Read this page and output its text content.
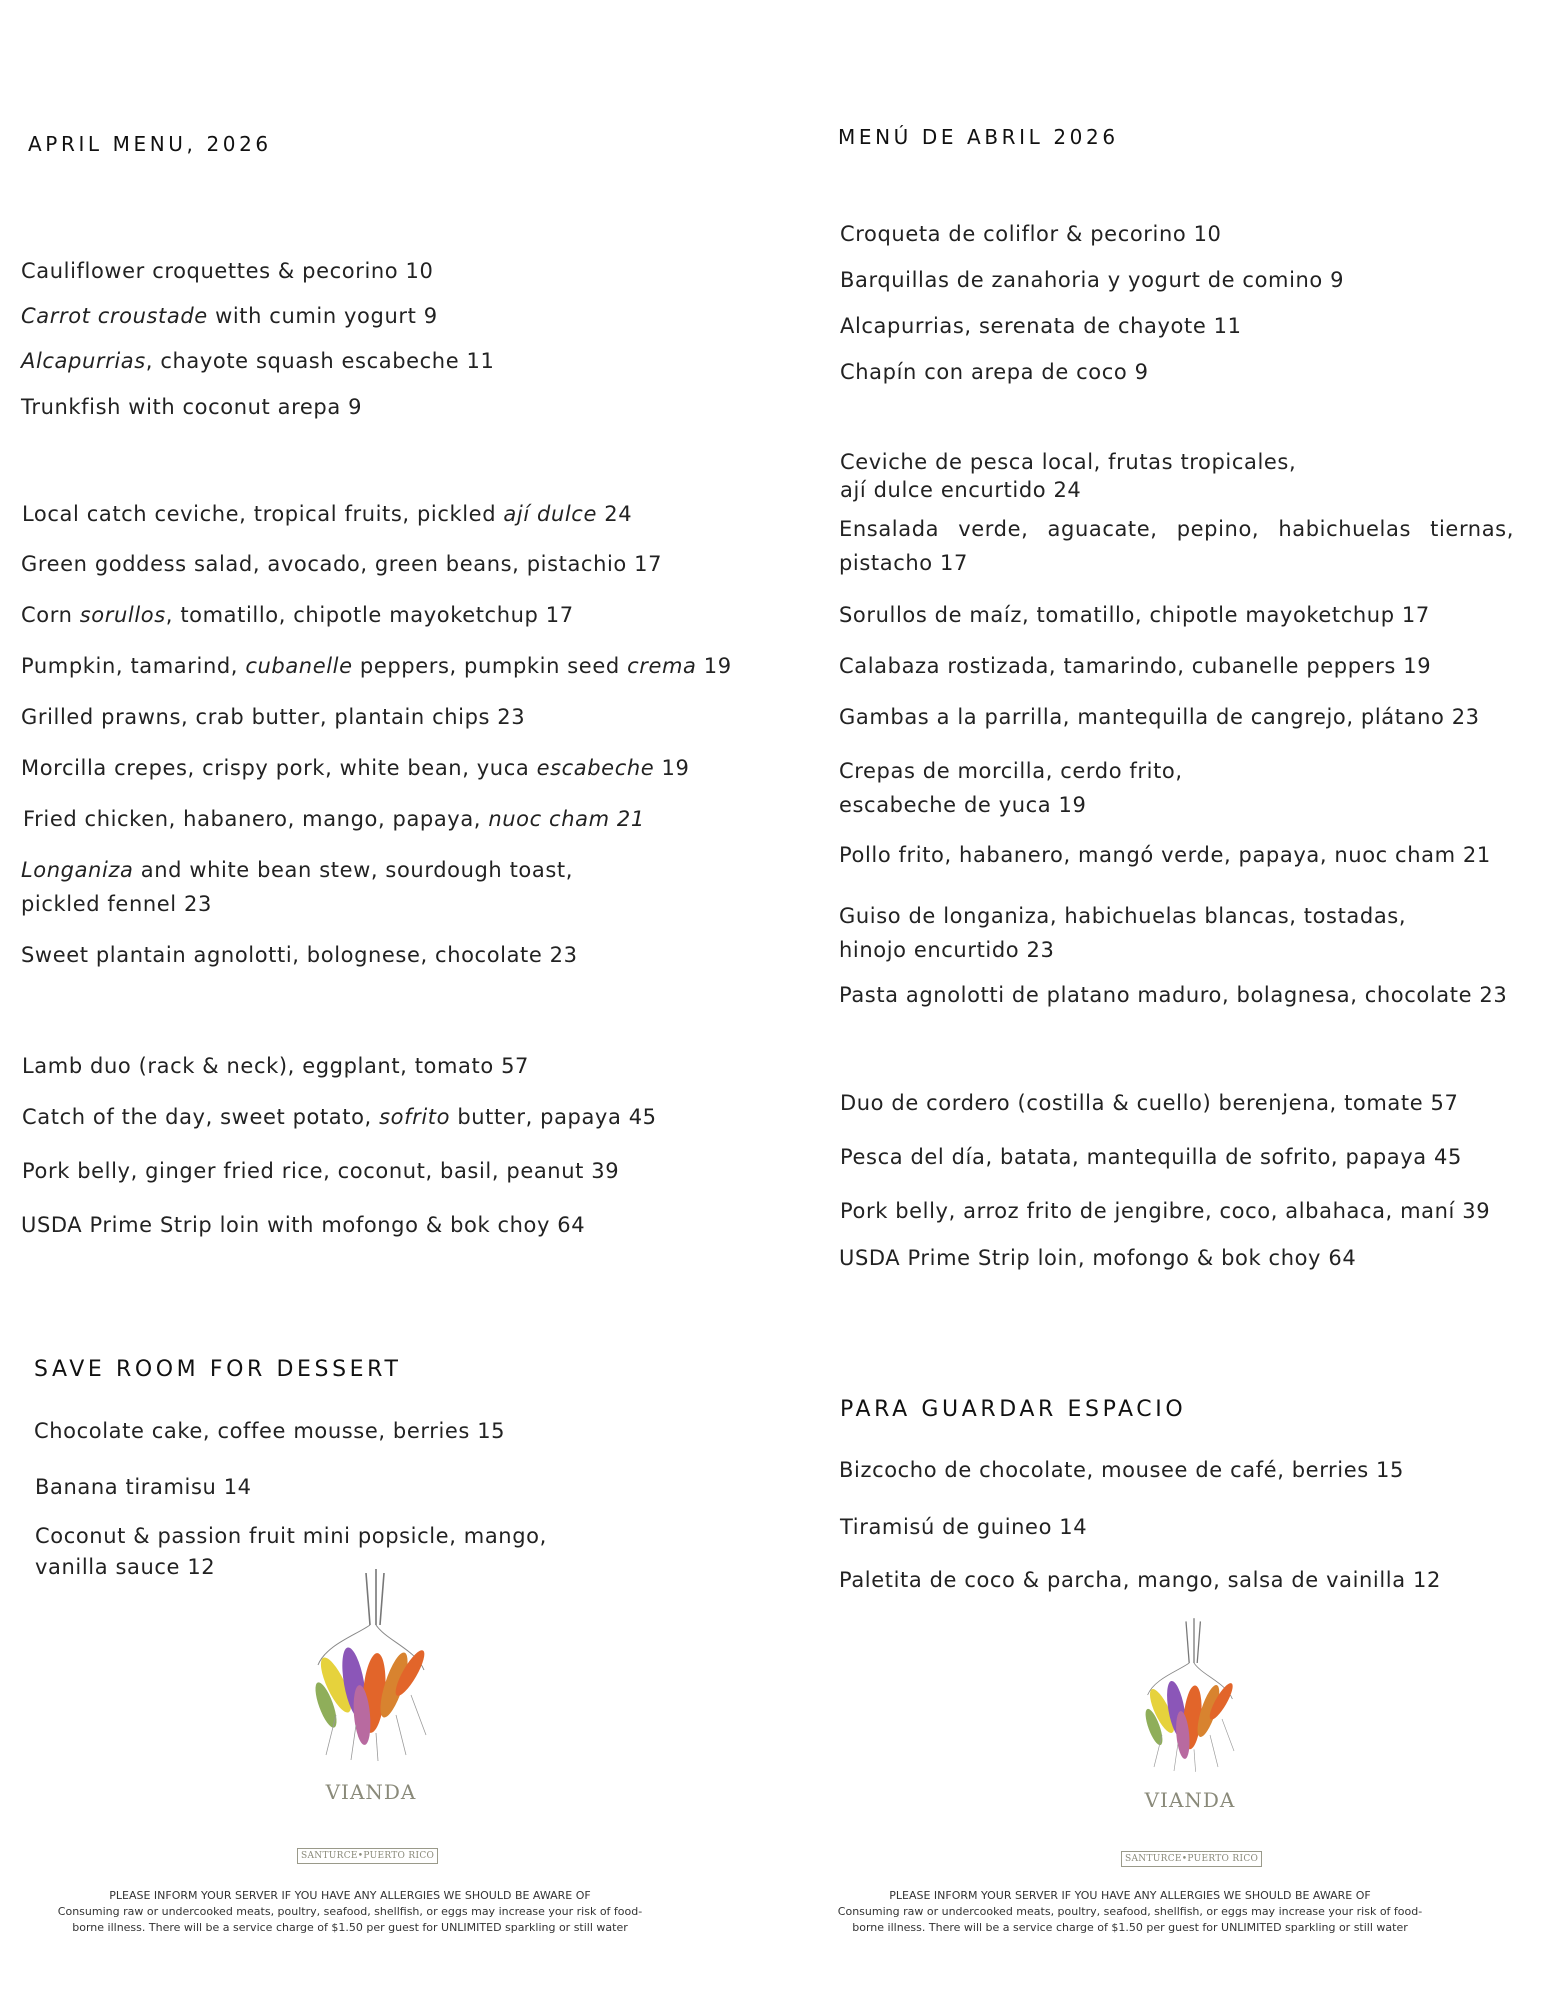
APRIL MENU, 2026
Cauliflower croquettes & pecorino 10
Carrot croustade with cumin yogurt 9
Alcapurrias, chayote squash escabeche 11
Trunkfish with coconut arepa 9
Local catch ceviche, tropical fruits, pickled ají dulce 24
Green goddess salad, avocado, green beans, pistachio 17
Corn sorullos, tomatillo, chipotle mayoketchup 17
Pumpkin, tamarind, cubanelle peppers, pumpkin seed crema 19
Grilled prawns, crab butter, plantain chips 23
Morcilla crepes, crispy pork, white bean, yuca escabeche 19
Fried chicken, habanero, mango, papaya, nuoc cham 21
Longaniza and white bean stew, sourdough toast,
pickled fennel 23
Sweet plantain agnolotti, bolognese, chocolate 23
Lamb duo (rack & neck), eggplant, tomato 57
Catch of the day, sweet potato, sofrito butter, papaya 45
Pork belly, ginger fried rice, coconut, basil, peanut 39
USDA Prime Strip loin with mofongo & bok choy 64
SAVE ROOM FOR DESSERT
Chocolate cake, coffee mousse, berries 15
Banana tiramisu 14
Coconut & passion fruit mini popsicle, mango,
vanilla sauce 12
VIANDA
SANTURCE•PUERTO RICO
PLEASE INFORM YOUR SERVER IF YOU HAVE ANY ALLERGIES WE SHOULD BE AWARE OF
Consuming raw or undercooked meats, poultry, seafood, shellfish, or eggs may increase your risk of food-
borne illness. There will be a service charge of $1.50 per guest for UNLIMITED sparkling or still water
MENÚ DE ABRIL 2026
Croqueta de coliflor & pecorino 10
Barquillas de zanahoria y yogurt de comino 9
Alcapurrias, serenata de chayote 11
Chapín con arepa de coco 9
Ceviche de pesca local, frutas tropicales,
ají dulce encurtido 24
Ensalada verde, aguacate, pepino, habichuelas tiernas, pistacho 17
Sorullos de maíz, tomatillo, chipotle mayoketchup 17
Calabaza rostizada, tamarindo, cubanelle peppers 19
Gambas a la parrilla, mantequilla de cangrejo, plátano 23
Crepas de morcilla, cerdo frito,
escabeche de yuca 19
Pollo frito, habanero, mangó verde, papaya, nuoc cham 21
Guiso de longaniza, habichuelas blancas, tostadas,
hinojo encurtido 23
Pasta agnolotti de platano maduro, bolagnesa, chocolate 23
Duo de cordero (costilla & cuello) berenjena, tomate 57
Pesca del día, batata, mantequilla de sofrito, papaya 45
Pork belly, arroz frito de jengibre, coco, albahaca, maní 39
USDA Prime Strip loin, mofongo & bok choy 64
PARA GUARDAR ESPACIO
Bizcocho de chocolate, mousee de café, berries 15
Tiramisú de guineo 14
Paletita de coco & parcha, mango, salsa de vainilla 12
VIANDA
SANTURCE•PUERTO RICO
PLEASE INFORM YOUR SERVER IF YOU HAVE ANY ALLERGIES WE SHOULD BE AWARE OF
Consuming raw or undercooked meats, poultry, seafood, shellfish, or eggs may increase your risk of food-
borne illness. There will be a service charge of $1.50 per guest for UNLIMITED sparkling or still water
